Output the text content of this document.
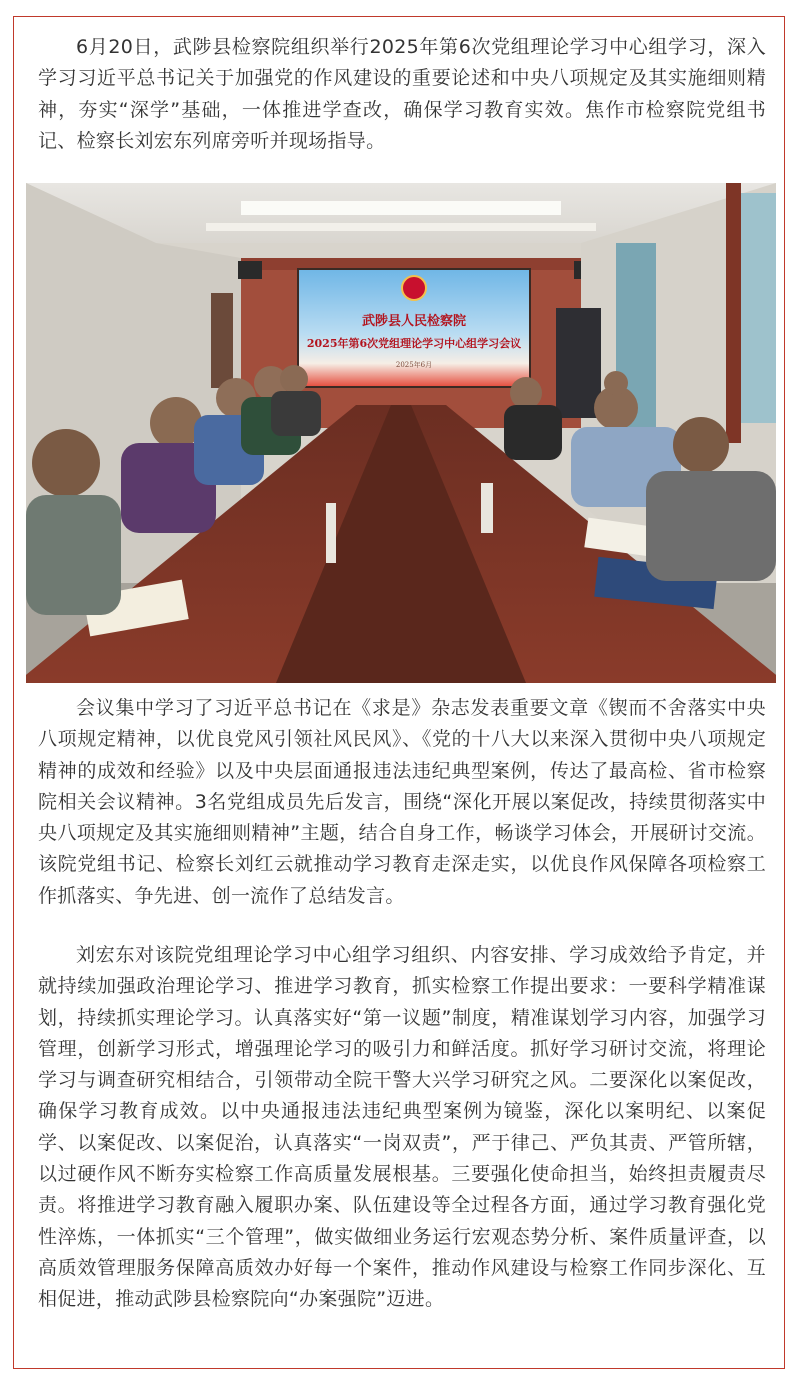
6月20日，武陟县检察院组织举行2025年第6次党组理论学习中心组学习，深入学习习近平总书记关于加强党的作风建设的重要论述和中央八项规定及其实施细则精神，夯实“深学”基础，一体推进学查改，确保学习教育实效。焦作市检察院党组书记、检察长刘宏东列席旁听并现场指导。

武陟县人民检察院
2025年第6次党组理论学习中心组学习会议
2025年6月

会议集中学习了习近平总书记在《求是》杂志发表重要文章《锲而不舍落实中央八项规定精神，以优良党风引领社风民风》、《党的十八大以来深入贯彻中央八项规定精神的成效和经验》以及中央层面通报违法违纪典型案例，传达了最高检、省市检察院相关会议精神。3名党组成员先后发言，围绕“深化开展以案促改，持续贯彻落实中央八项规定及其实施细则精神”主题，结合自身工作，畅谈学习体会，开展研讨交流。该院党组书记、检察长刘红云就推动学习教育走深走实，以优良作风保障各项检察工作抓落实、争先进、创一流作了总结发言。

刘宏东对该院党组理论学习中心组学习组织、内容安排、学习成效给予肯定，并就持续加强政治理论学习、推进学习教育，抓实检察工作提出要求：一要科学精准谋划，持续抓实理论学习。认真落实好“第一议题”制度，精准谋划学习内容，加强学习管理，创新学习形式，增强理论学习的吸引力和鲜活度。抓好学习研讨交流，将理论学习与调查研究相结合，引领带动全院干警大兴学习研究之风。二要深化以案促改，确保学习教育成效。以中央通报违法违纪典型案例为镜鉴，深化以案明纪、以案促学、以案促改、以案促治，认真落实“一岗双责”，严于律己、严负其责、严管所辖，以过硬作风不断夯实检察工作高质量发展根基。三要强化使命担当，始终担责履责尽责。将推进学习教育融入履职办案、队伍建设等全过程各方面，通过学习教育强化党性淬炼，一体抓实“三个管理”，做实做细业务运行宏观态势分析、案件质量评查，以高质效管理服务保障高质效办好每一个案件，推动作风建设与检察工作同步深化、互相促进，推动武陟县检察院向“办案强院”迈进。
